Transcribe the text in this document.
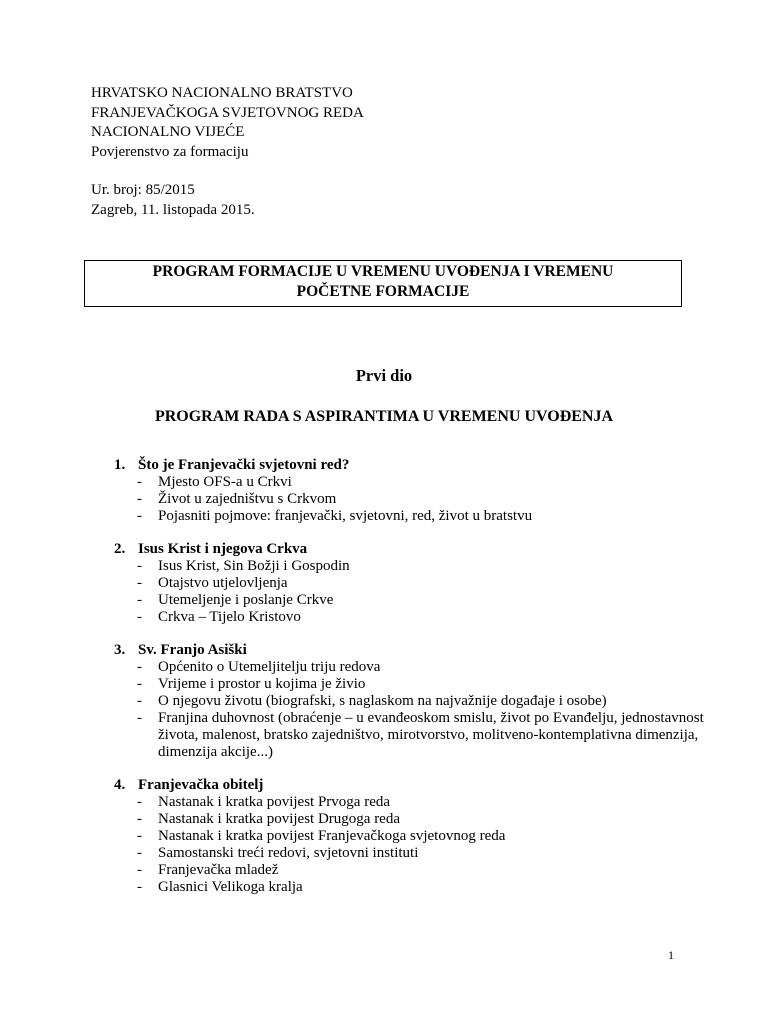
HRVATSKO NACIONALNO BRATSTVO
FRANJEVAČKOGA SVJETOVNOG REDA
NACIONALNO VIJEĆE
Povjerenstvo za formaciju
Ur. broj: 85/2015
Zagreb, 11. listopada 2015.
PROGRAM FORMACIJE U VREMENU UVOĐENJA I VREMENU
POČETNE FORMACIJE
Prvi dio
PROGRAM RADA S ASPIRANTIMA U VREMENU UVOĐENJA
1. Što je Franjevački svjetovni red?
- Mjesto OFS-a u Crkvi
- Život u zajedništvu s Crkvom
- Pojasniti pojmove: franjevački, svjetovni, red, život u bratstvu
2. Isus Krist i njegova Crkva
- Isus Krist, Sin Božji i Gospodin
- Otajstvo utjelovljenja
- Utemeljenje i poslanje Crkve
- Crkva – Tijelo Kristovo
3. Sv. Franjo Asiški
- Općenito o Utemeljitelju triju redova
- Vrijeme i prostor u kojima je živio
- O njegovu životu (biografski, s naglaskom na najvažnije događaje i osobe)
- Franjina duhovnost (obraćenje – u evanđeoskom smislu, život po Evanđelju, jednostavnost života, malenost, bratsko zajedništvo, mirotvorstvo, molitveno-kontemplativna dimenzija, dimenzija akcije...)
4. Franjevačka obitelj
- Nastanak i kratka povijest Prvoga reda
- Nastanak i kratka povijest Drugoga reda
- Nastanak i kratka povijest Franjevačkoga svjetovnog reda
- Samostanski treći redovi, svjetovni instituti
- Franjevačka mladež
- Glasnici Velikoga kralja
1
